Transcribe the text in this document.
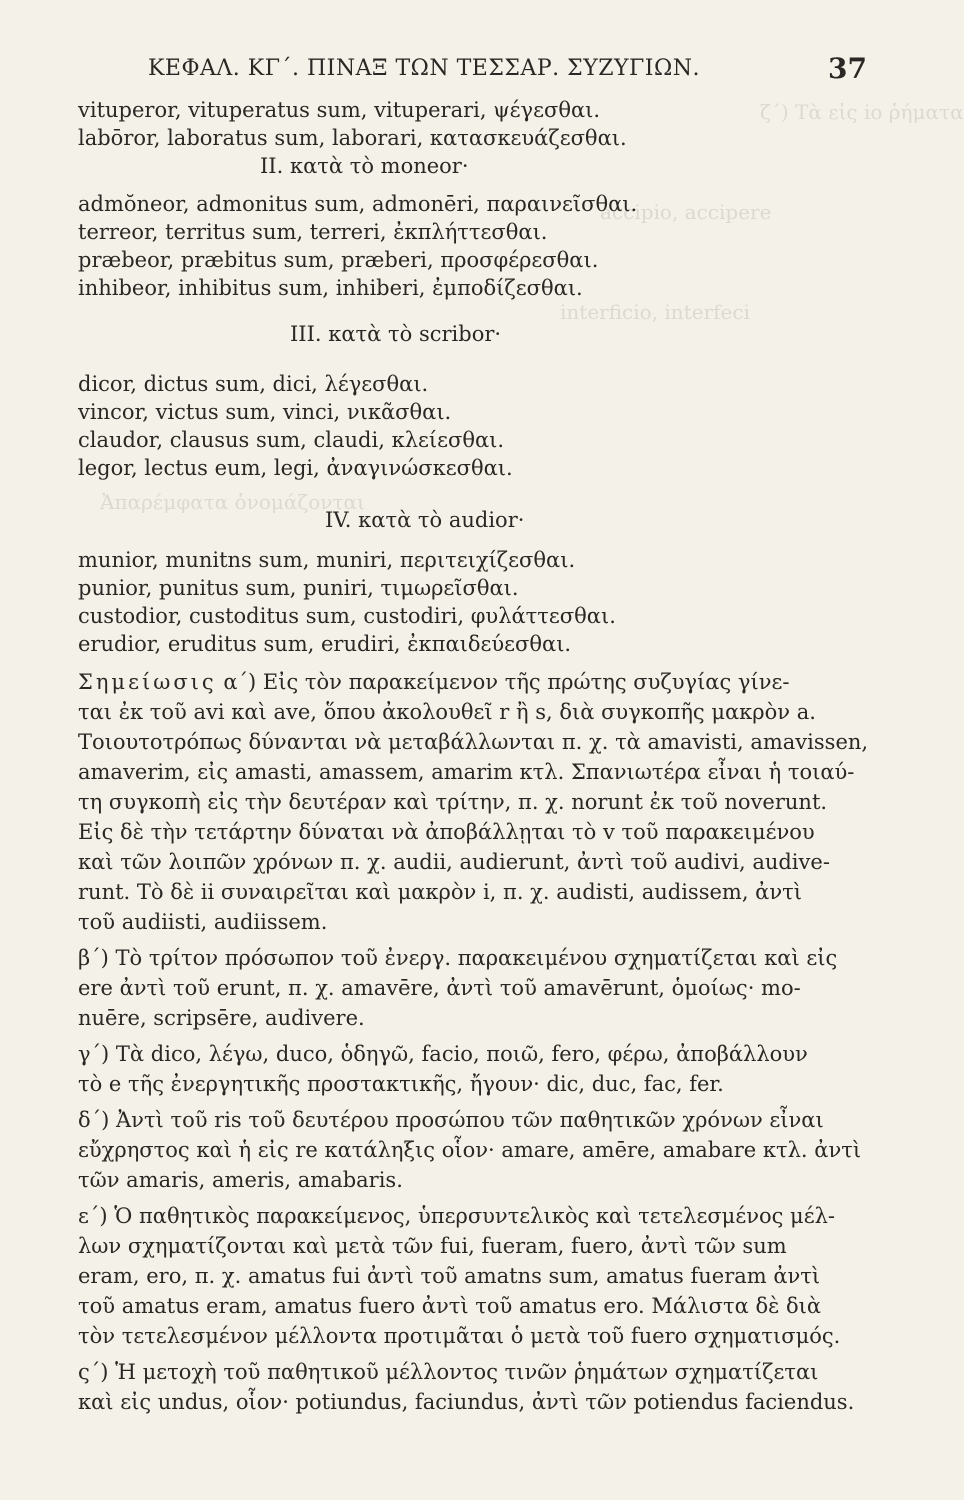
ζ΄) Τὰ εἰς io ῥήματα
accipio, accipere
interficio, interfeci
Ἀπαρέμφατα ὀνομάζονται
ΚΕΦΑΛ. ΚΓ΄. ΠΙΝΑΞ ΤΩΝ ΤΕΣΣΑΡ. ΣΥΖΥΓΙΩΝ.	37
vituperor, vituperatus sum, vituperari, ψέγεσθαι.
labōror, laboratus sum, laborari, κατασκευάζεσθαι.
II. κατὰ τὸ moneor·
admŏneor, admonitus sum, admonēri, παραινεῖσθαι.
terreor, territus sum, terreri, ἐκπλήττεσθαι.
præbeor, præbitus sum, præberi, προσφέρεσθαι.
inhibeor, inhibitus sum, inhiberi, ἐμποδίζεσθαι.
III. κατὰ τὸ scribor·
dicor, dictus sum, dici, λέγεσθαι.
vincor, victus sum, vinci, νικᾶσθαι.
claudor, clausus sum, claudi, κλείεσθαι.
legor, lectus eum, legi, ἀναγινώσκεσθαι.
IV. κατὰ τὸ audior·
munior, munitns sum, muniri, περιτειχίζεσθαι.
punior, punitus sum, puniri, τιμωρεῖσθαι.
custodior, custoditus sum, custodiri, φυλάττεσθαι.
erudior, eruditus sum, erudiri, ἐκπαιδεύεσθαι.
Σημείωσις α΄) Εἰς τὸν παρακείμενον τῆς πρώτης συζυγίας γίνε-
ται ἐκ τοῦ avi καὶ ave, ὅπου ἀκολουθεῖ r ἢ s, διὰ συγκοπῆς μακρὸν a.
Τοιουτοτρόπως δύνανται νὰ μεταβάλλωνται π. χ. τὰ amavisti, amavissen,
amaverim, εἰς amasti, amassem, amarim κτλ. Σπανιωτέρα εἶναι ἡ τοιαύ-
τη συγκοπὴ εἰς τὴν δευτέραν καὶ τρίτην, π. χ. norunt ἐκ τοῦ noverunt.
Εἰς δὲ τὴν τετάρτην δύναται νὰ ἀποβάλλῃται τὸ v τοῦ παρακειμένου
καὶ τῶν λοιπῶν χρόνων π. χ. audii, audierunt, ἀντὶ τοῦ audivi, audive-
runt. Τὸ δὲ ii συναιρεῖται καὶ μακρὸν i, π. χ. audisti, audissem, ἀντὶ
τοῦ audiisti, audiissem.
β΄) Τὸ τρίτον πρόσωπον τοῦ ἐνεργ. παρακειμένου σχηματίζεται καὶ εἰς
ere ἀντὶ τοῦ erunt, π. χ. amavēre, ἀντὶ τοῦ amavērunt, ὁμοίως· mo-
nuēre, scripsēre, audivere.
γ΄) Τὰ dico, λέγω, duco, ὁδηγῶ, facio, ποιῶ, fero, φέρω, ἀποβάλλουν
τὸ e τῆς ἐνεργητικῆς προστακτικῆς, ἤγουν· dic, duc, fac, fer.
δ΄) Ἀντὶ τοῦ ris τοῦ δευτέρου προσώπου τῶν παθητικῶν χρόνων εἶναι
εὔχρηστος καὶ ἡ εἰς re κατάληξις οἷον· amare, amēre, amabare κτλ. ἀντὶ
τῶν amaris, ameris, amabaris.
ε΄) Ὁ παθητικὸς παρακείμενος, ὑπερσυντελικὸς καὶ τετελεσμένος μέλ-
λων σχηματίζονται καὶ μετὰ τῶν fui, fueram, fuero, ἀντὶ τῶν sum
eram, ero, π. χ. amatus fui ἀντὶ τοῦ amatns sum, amatus fueram ἀντὶ
τοῦ amatus eram, amatus fuero ἀντὶ τοῦ amatus ero. Μάλιστα δὲ διὰ
τὸν τετελεσμένον μέλλοντα προτιμᾶται ὁ μετὰ τοῦ fuero σχηματισμός.
ς΄) Ἡ μετοχὴ τοῦ παθητικοῦ μέλλοντος τινῶν ῥημάτων σχηματίζεται
καὶ εἰς undus, οἷον· potiundus, faciundus, ἀντὶ τῶν potiendus faciendus.
